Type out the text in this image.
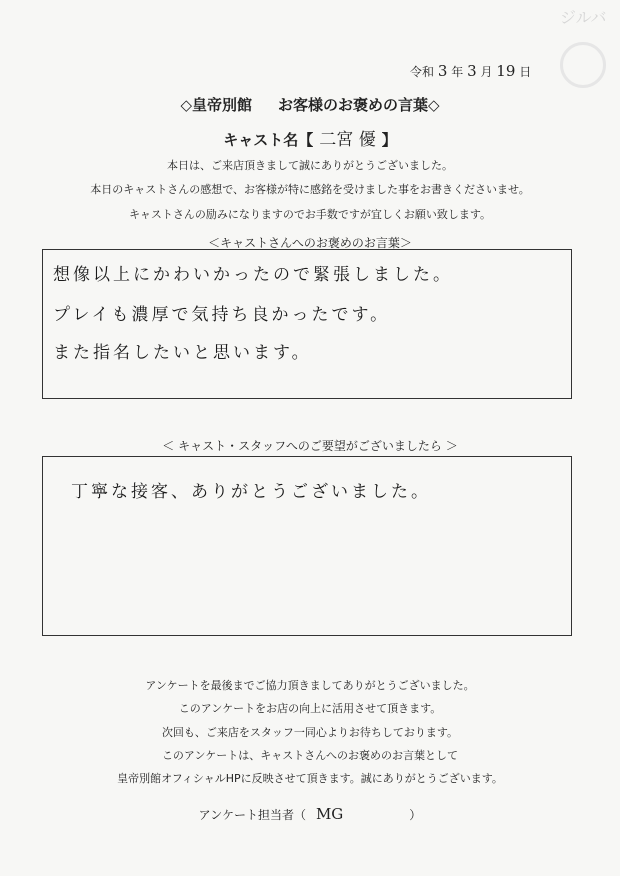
ジルバ
令和 3 年 3 月 19 日
◇皇帝別館 お客様のお褒めの言葉◇
キャスト名【 二宮 優 】
本日は、ご来店頂きまして誠にありがとうございました。
本日のキャストさんの感想で、お客様が特に感銘を受けました事をお書きくださいませ。
キャストさんの励みになりますのでお手数ですが宜しくお願い致します。
＜キャストさんへのお褒めのお言葉＞
想像以上にかわいかったので緊張しました。
プレイも濃厚で気持ち良かったです。
また指名したいと思います。
＜ キャスト・スタッフへのご要望がございましたら ＞
丁寧な接客、ありがとうございました。
アンケートを最後までご協力頂きましてありがとうございました。
このアンケートをお店の向上に活用させて頂きます。
次回も、ご来店をスタッフ一同心よりお待ちしております。
このアンケートは、キャストさんへのお褒めのお言葉として
皇帝別館オフィシャルHPに反映させて頂きます。誠にありがとうございます。
アンケート担当者（ MG	）
